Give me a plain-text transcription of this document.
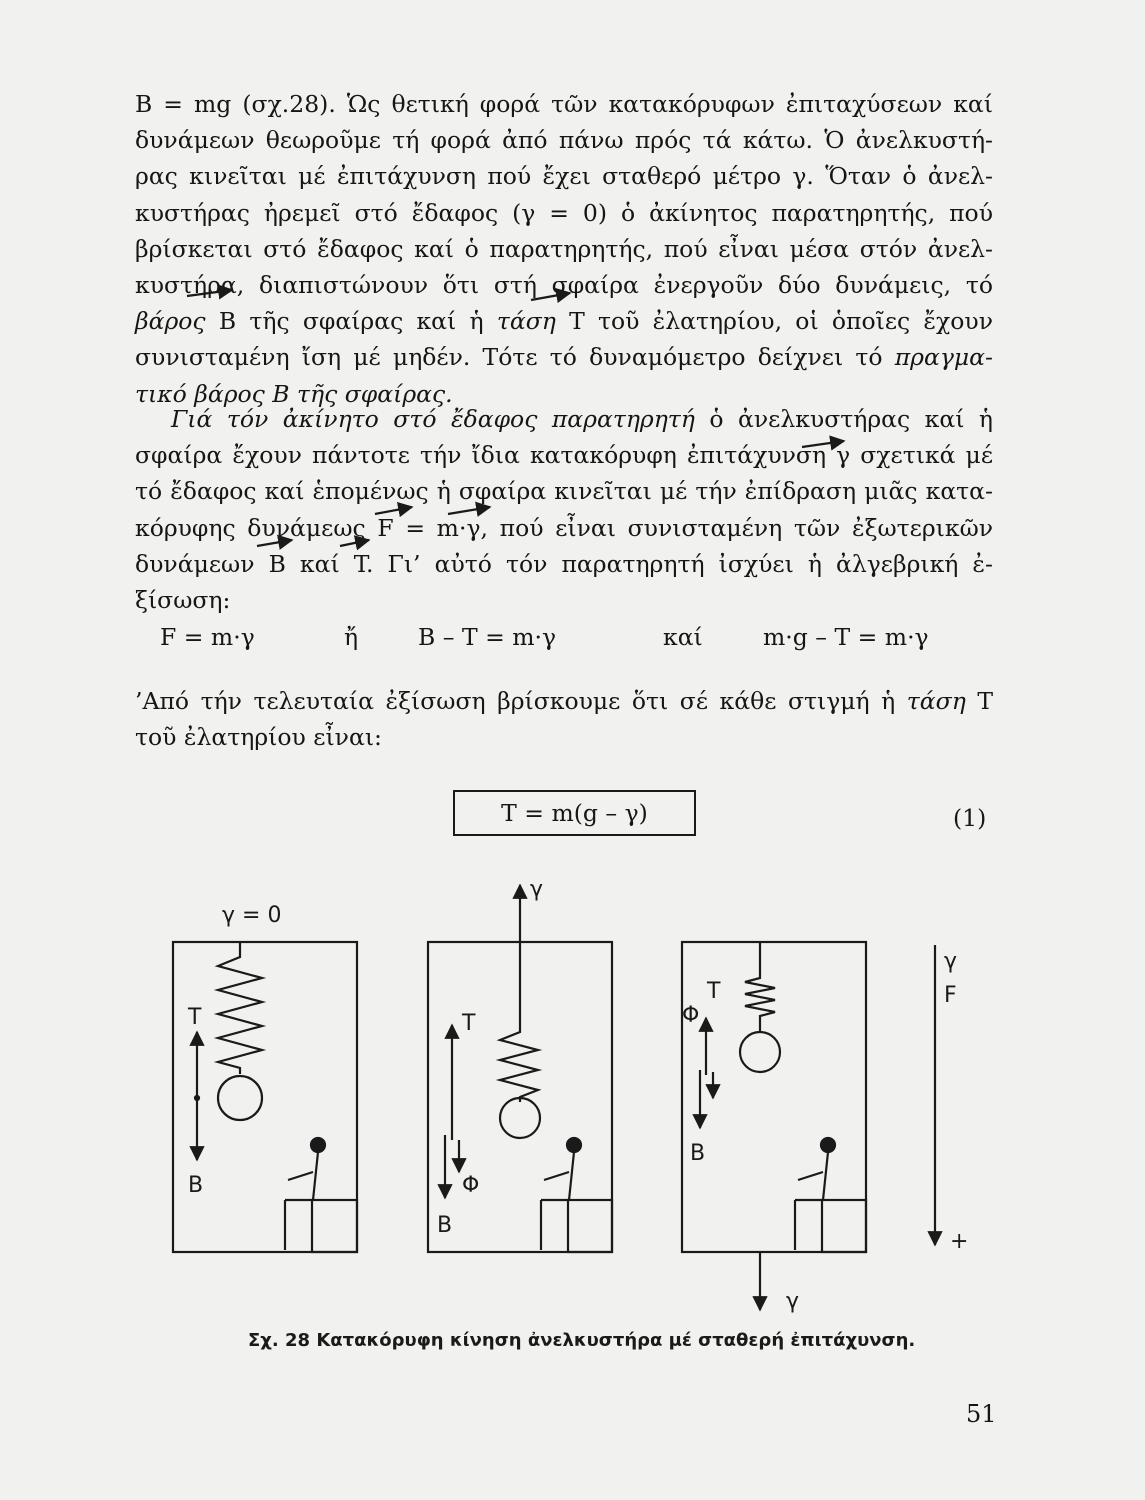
B = mg (σχ.28). Ὡς θετική φορά τῶν κατακόρυφων ἐπιταχύσεων καί
δυνάμεων θεωροῦμε τή φορά ἀπό πάνω πρός τά κάτω. Ὁ ἀνελκυστή-
ρας κινεῖται μέ ἐπιτάχυνση πού ἔχει σταθερό μέτρο γ. Ὅταν ὁ ἀνελ-
κυστήρας ἠρεμεῖ στό ἔδαφος (γ = 0) ὁ ἀκίνητος παρατηρητής, πού
βρίσκεται στό ἔδαφος καί ὁ παρατηρητής, πού εἶναι μέσα στόν ἀνελ-
κυστήρα, διαπιστώνουν ὅτι στή σφαίρα ἐνεργοῦν δύο δυνάμεις, τό
βάρος B τῆς σφαίρας καί ἡ τάση T τοῦ ἐλατηρίου, οἱ ὁποῖες ἔχουν
συνισταμένη ἴση μέ μηδέν. Τότε τό δυναμόμετρο δείχνει τό πραγμα-
τικό βάρος B τῆς σφαίρας.
Γιά τόν ἀκίνητο στό ἔδαφος παρατηρητή ὁ ἀνελκυστήρας καί ἡ
σφαίρα ἔχουν πάντοτε τήν ἴδια κατακόρυφη ἐπιτάχυνση γ σχετικά μέ
τό ἔδαφος καί ἑπομένως ἡ σφαίρα κινεῖται μέ τήν ἐπίδραση μιᾶς κατα-
κόρυφης δυνάμεως F = m·γ, πού εἶναι συνισταμένη τῶν ἐξωτερικῶν
δυνάμεων B καί T. Γι’ αὐτό τόν παρατηρητή ἰσχύει ἡ ἀλγεβρική ἐ-
ξίσωση:
F = m·γ	ἤ	B – T = m·γ	καί	m·g – T = m·γ
’Από τήν τελευταία ἐξίσωση βρίσκουμε ὅτι σέ κάθε στιγμή ἡ τάση T
τοῦ ἐλατηρίου εἶναι:
T = m(g – γ)	(1)
γ = 0
T
B
γ
T
Φ
B
T
Φ
B
γ
F
+
γ
Σχ. 28 Κατακόρυφη κίνηση ἀνελκυστήρα μέ σταθερή ἐπιτάχυνση.
51
